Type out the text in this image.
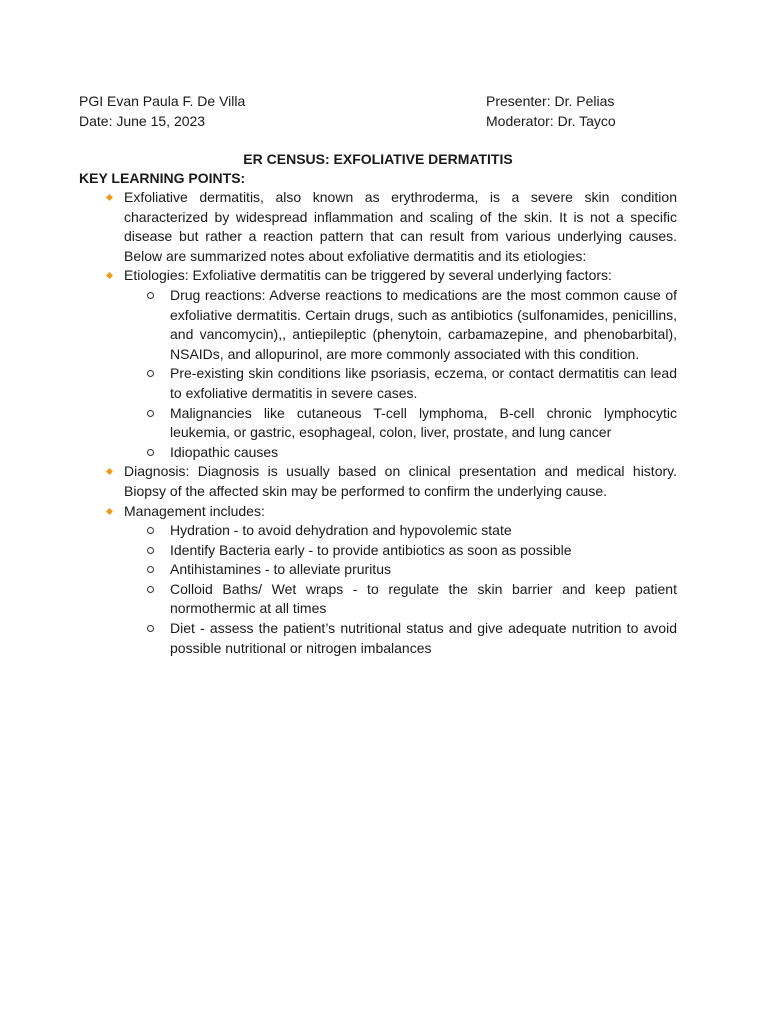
PGI Evan Paula F. De Villa	Presenter: Dr. Pelias
Date: June 15, 2023	Moderator: Dr. Tayco
ER CENSUS: EXFOLIATIVE DERMATITIS
KEY LEARNING POINTS:
Exfoliative dermatitis, also known as erythroderma, is a severe skin condition characterized by widespread inflammation and scaling of the skin. It is not a specific disease but rather a reaction pattern that can result from various underlying causes. Below are summarized notes about exfoliative dermatitis and its etiologies:
Etiologies: Exfoliative dermatitis can be triggered by several underlying factors:
Drug reactions: Adverse reactions to medications are the most common cause of exfoliative dermatitis. Certain drugs, such as antibiotics (sulfonamides, penicillins, and vancomycin),, antiepileptic (phenytoin, carbamazepine, and phenobarbital), NSAIDs, and allopurinol, are more commonly associated with this condition.
Pre-existing skin conditions like psoriasis, eczema, or contact dermatitis can lead to exfoliative dermatitis in severe cases.
Malignancies like cutaneous T-cell lymphoma, B-cell chronic lymphocytic leukemia, or gastric, esophageal, colon, liver, prostate, and lung cancer
Idiopathic causes
Diagnosis: Diagnosis is usually based on clinical presentation and medical history. Biopsy of the affected skin may be performed to confirm the underlying cause.
Management includes:
Hydration - to avoid dehydration and hypovolemic state
Identify Bacteria early - to provide antibiotics as soon as possible
Antihistamines - to alleviate pruritus
Colloid Baths/ Wet wraps - to regulate the skin barrier and keep patient normothermic at all times
Diet - assess the patient’s nutritional status and give adequate nutrition to avoid possible nutritional or nitrogen imbalances
